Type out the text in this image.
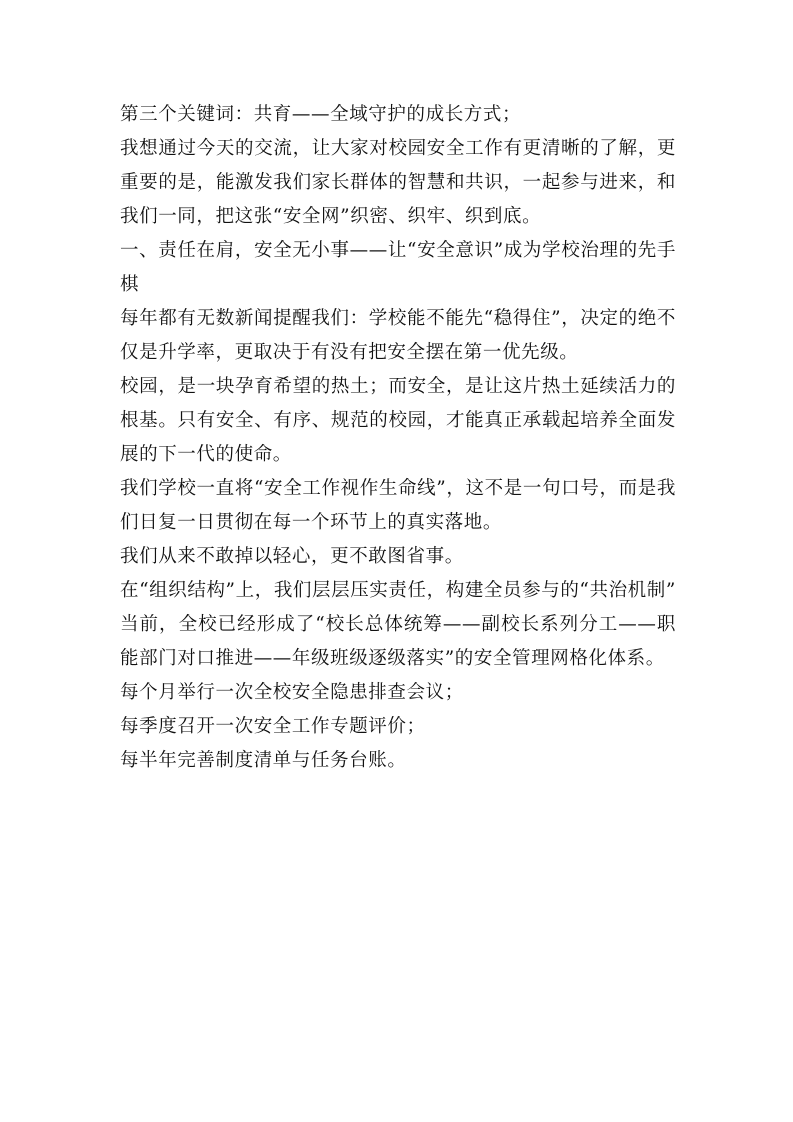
第三个关键词：共育——全域守护的成长方式；

我想通过今天的交流，让大家对校园安全工作有更清晰的了解，更重要的是，能激发我们家长群体的智慧和共识，一起参与进来，和我们一同，把这张“安全网”织密、织牢、织到底。

一、责任在肩，安全无小事——让“安全意识”成为学校治理的先手棋

每年都有无数新闻提醒我们：学校能不能先“稳得住”，决定的绝不仅是升学率，更取决于有没有把安全摆在第一优先级。

校园，是一块孕育希望的热土；而安全，是让这片热土延续活力的根基。只有安全、有序、规范的校园，才能真正承载起培养全面发展的下一代的使命。

我们学校一直将“安全工作视作生命线”，这不是一句口号，而是我们日复一日贯彻在每一个环节上的真实落地。

我们从来不敢掉以轻心，更不敢图省事。

在“组织结构”上，我们层层压实责任，构建全员参与的“共治机制”

当前，全校已经形成了“校长总体统筹——副校长系列分工——职能部门对口推进——年级班级逐级落实”的安全管理网格化体系。

每个月举行一次全校安全隐患排查会议；

每季度召开一次安全工作专题评价；

每半年完善制度清单与任务台账。
